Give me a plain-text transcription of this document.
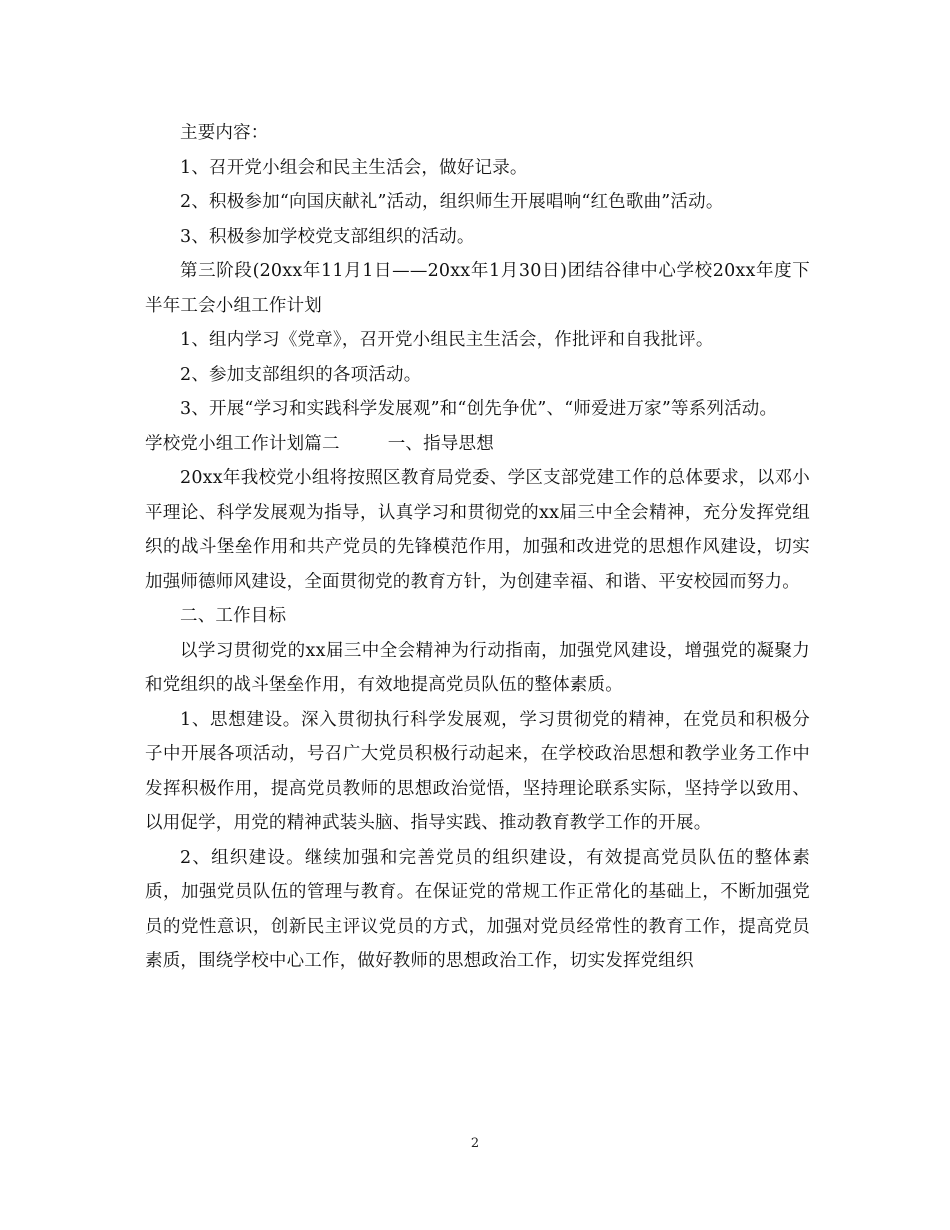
主要内容：

1、召开党小组会和民主生活会，做好记录。

2、积极参加“向国庆献礼”活动，组织师生开展唱响“红色歌曲”活动。

3、积极参加学校党支部组织的活动。

第三阶段(20xx年11月1日——20xx年1月30日)团结谷律中心学校20xx年度下半年工会小组工作计划

1、组内学习《党章》，召开党小组民主生活会，作批评和自我批评。

2、参加支部组织的各项活动。

3、开展“学习和实践科学发展观”和“创先争优”、“师爱进万家”等系列活动。

学校党小组工作计划篇二	一、指导思想

20xx年我校党小组将按照区教育局党委、学区支部党建工作的总体要求，以邓小平理论、科学发展观为指导，认真学习和贯彻党的xx届三中全会精神，充分发挥党组织的战斗堡垒作用和共产党员的先锋模范作用，加强和改进党的思想作风建设，切实加强师德师风建设，全面贯彻党的教育方针，为创建幸福、和谐、平安校园而努力。

二、工作目标

以学习贯彻党的xx届三中全会精神为行动指南，加强党风建设，增强党的凝聚力和党组织的战斗堡垒作用，有效地提高党员队伍的整体素质。

1、思想建设。深入贯彻执行科学发展观，学习贯彻党的精神，在党员和积极分子中开展各项活动，号召广大党员积极行动起来，在学校政治思想和教学业务工作中发挥积极作用，提高党员教师的思想政治觉悟，坚持理论联系实际，坚持学以致用、以用促学，用党的精神武装头脑、指导实践、推动教育教学工作的开展。

2、组织建设。继续加强和完善党员的组织建设，有效提高党员队伍的整体素质，加强党员队伍的管理与教育。在保证党的常规工作正常化的基础上，不断加强党员的党性意识，创新民主评议党员的方式，加强对党员经常性的教育工作，提高党员素质，围绕学校中心工作，做好教师的思想政治工作，切实发挥党组织

2
